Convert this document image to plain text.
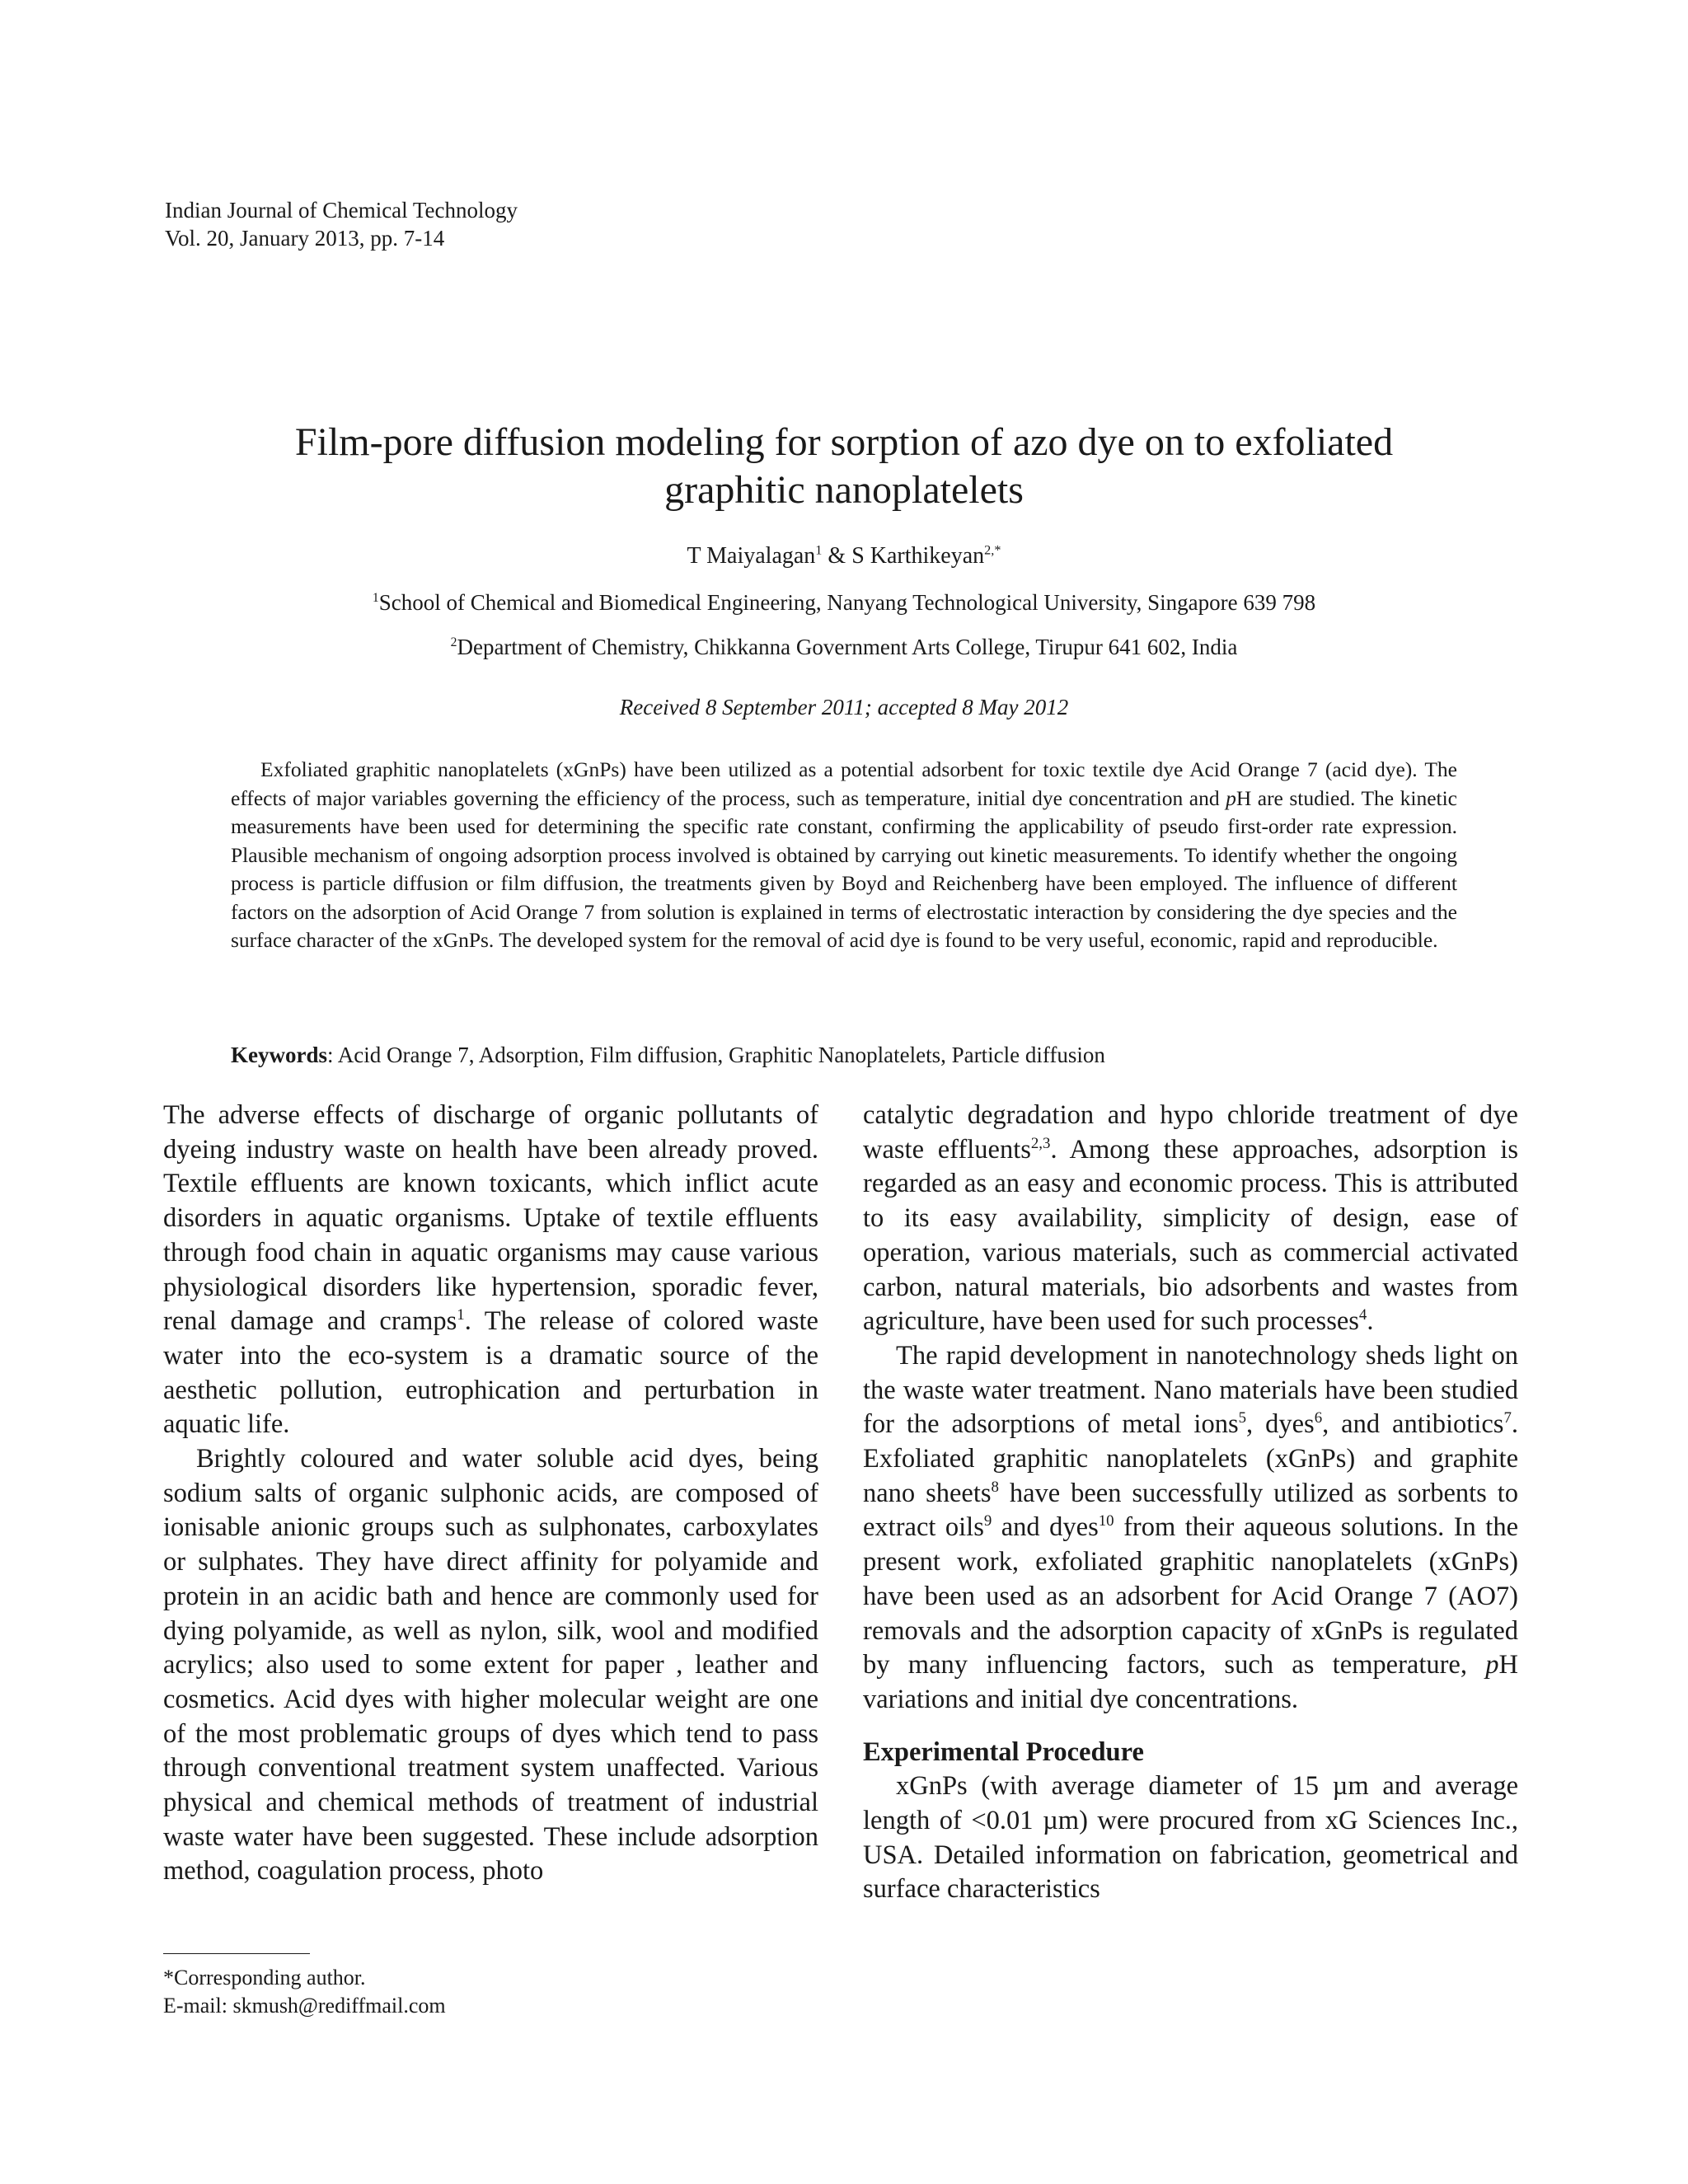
Indian Journal of Chemical Technology
Vol. 20, January 2013, pp. 7-14
Film-pore diffusion modeling for sorption of azo dye on to exfoliated
graphitic nanoplatelets
T Maiyalagan$^1$ & S Karthikeyan$^{2,*}$
$^1$School of Chemical and Biomedical Engineering, Nanyang Technological University, Singapore 639 798
$^2$Department of Chemistry, Chikkanna Government Arts College, Tirupur 641 602, India
Received 8 September 2011; accepted 8 May 2012

Exfoliated graphitic nanoplatelets (xGnPs) have been utilized as a potential adsorbent for toxic textile dye Acid Orange 7 (acid dye). The effects of major variables governing the efficiency of the process, such as temperature, initial dye concentration and pH are studied. The kinetic measurements have been used for determining the specific rate constant, confirming the applicability of pseudo first-order rate expression. Plausible mechanism of ongoing adsorption process involved is obtained by carrying out kinetic measurements. To identify whether the ongoing process is particle diffusion or film diffusion, the treatments given by Boyd and Reichenberg have been employed. The influence of different factors on the adsorption of Acid Orange 7 from solution is explained in terms of electrostatic interaction by considering the dye species and the surface character of the xGnPs. The developed system for the removal of acid dye is found to be very useful, economic, rapid and reproducible.

Keywords: Acid Orange 7, Adsorption, Film diffusion, Graphitic Nanoplatelets, Particle diffusion

The adverse effects of discharge of organic pollutants of dyeing industry waste on health have been already proved. Textile effluents are known toxicants, which inflict acute disorders in aquatic organisms. Uptake of textile effluents through food chain in aquatic organisms may cause various physiological disorders like hypertension, sporadic fever, renal damage and cramps$^1$. The release of colored waste water into the eco-system is a dramatic source of the aesthetic pollution, eutrophication and perturbation in aquatic life.

Brightly coloured and water soluble acid dyes, being sodium salts of organic sulphonic acids, are composed of ionisable anionic groups such as sulphonates, carboxylates or sulphates. They have direct affinity for polyamide and protein in an acidic bath and hence are commonly used for dying polyamide, as well as nylon, silk, wool and modified acrylics; also used to some extent for paper , leather and cosmetics. Acid dyes with higher molecular weight are one of the most problematic groups of dyes which tend to pass through conventional treatment system unaffected. Various physical and chemical methods of treatment of industrial waste water have been suggested. These include adsorption method, coagulation process, photo

catalytic degradation and hypo chloride treatment of dye waste effluents$^{2,3}$. Among these approaches, adsorption is regarded as an easy and economic process. This is attributed to its easy availability, simplicity of design, ease of operation, various materials, such as commercial activated carbon, natural materials, bio adsorbents and wastes from agriculture, have been used for such processes$^4$.

The rapid development in nanotechnology sheds light on the waste water treatment. Nano materials have been studied for the adsorptions of metal ions$^5$, dyes$^6$, and antibiotics$^7$. Exfoliated graphitic nanoplatelets (xGnPs) and graphite nano sheets$^8$ have been successfully utilized as sorbents to extract oils$^9$ and dyes$^{10}$ from their aqueous solutions. In the present work, exfoliated graphitic nanoplatelets (xGnPs) have been used as an adsorbent for Acid Orange 7 (AO7) removals and the adsorption capacity of xGnPs is regulated by many influencing factors, such as temperature, pH variations and initial dye concentrations.

Experimental Procedure

xGnPs (with average diameter of 15 µm and average length of <0.01 µm) were procured from xG Sciences Inc., USA. Detailed information on fabrication, geometrical and surface characteristics

*Corresponding author.
E-mail: skmush@rediffmail.com
